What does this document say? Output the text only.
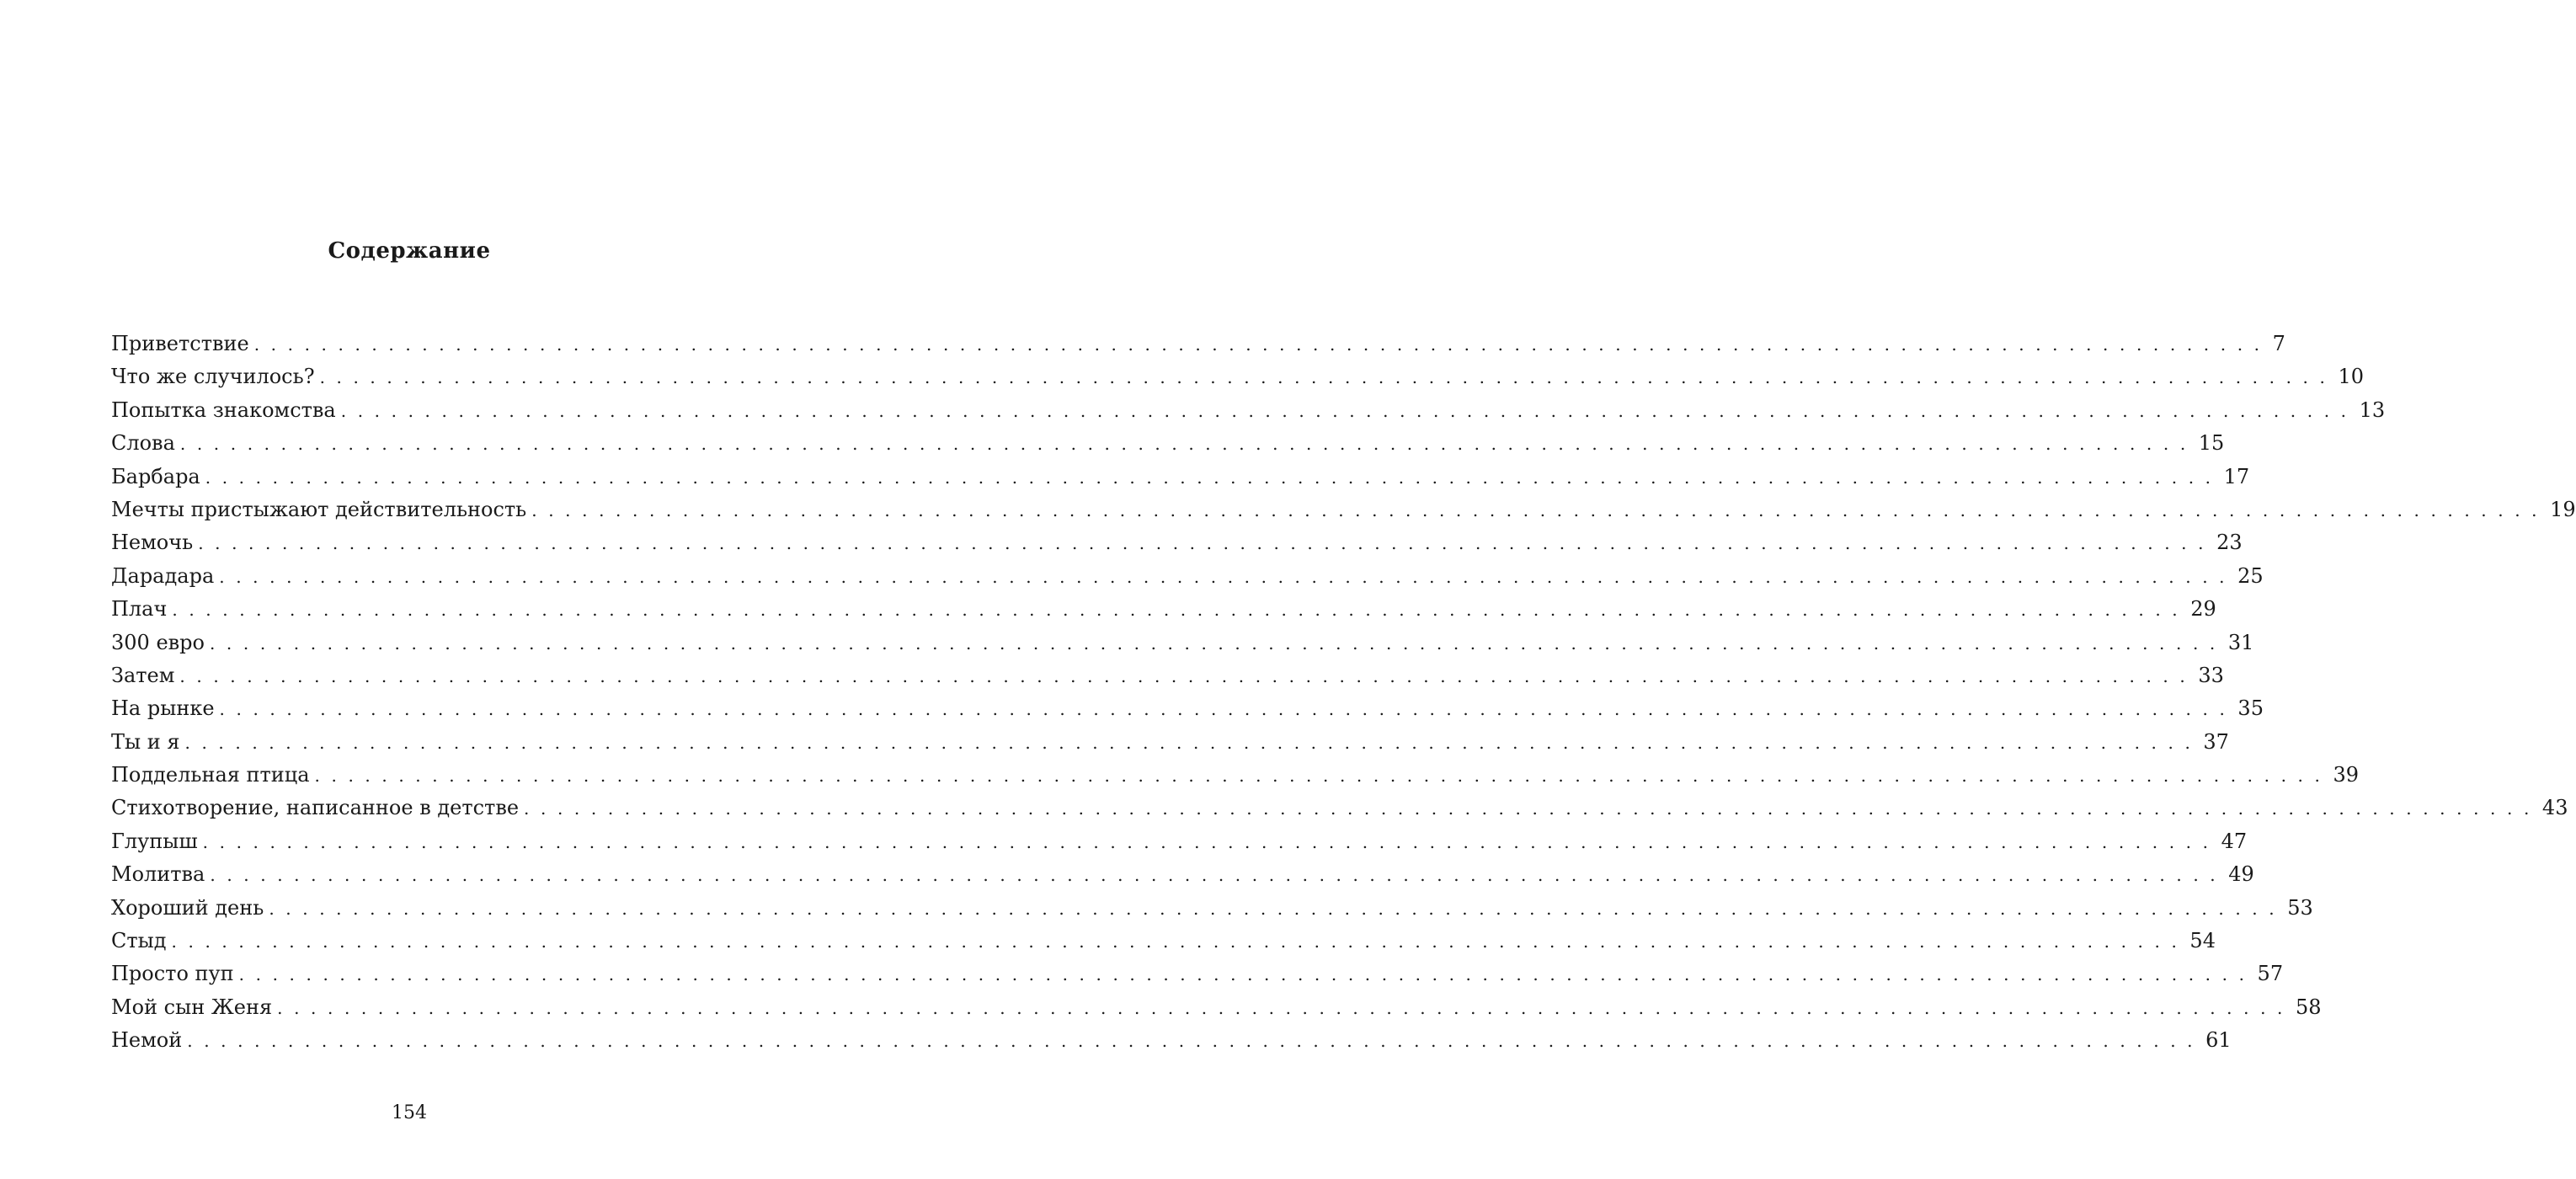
Содержание
Приветствие ........................................................................................................................ 7
Что же случилось? ........................................................................................................................ 10
Попытка знакомства ........................................................................................................................ 13
Слова ........................................................................................................................ 15
Барбара ........................................................................................................................ 17
Мечты пристыжают действительность ........................................................................................................................ 19
Немочь ........................................................................................................................ 23
Дарадара ........................................................................................................................ 25
Плач ........................................................................................................................ 29
300 евро ........................................................................................................................ 31
Затем ........................................................................................................................ 33
На рынке ........................................................................................................................ 35
Ты и я ........................................................................................................................ 37
Поддельная птица ........................................................................................................................ 39
Стихотворение, написанное в детстве ........................................................................................................................ 43
Глупыш ........................................................................................................................ 47
Молитва ........................................................................................................................ 49
Хороший день ........................................................................................................................ 53
Стыд ........................................................................................................................ 54
Просто пуп ........................................................................................................................ 57
Мой сын Женя ........................................................................................................................ 58
Немой ........................................................................................................................ 61
154
